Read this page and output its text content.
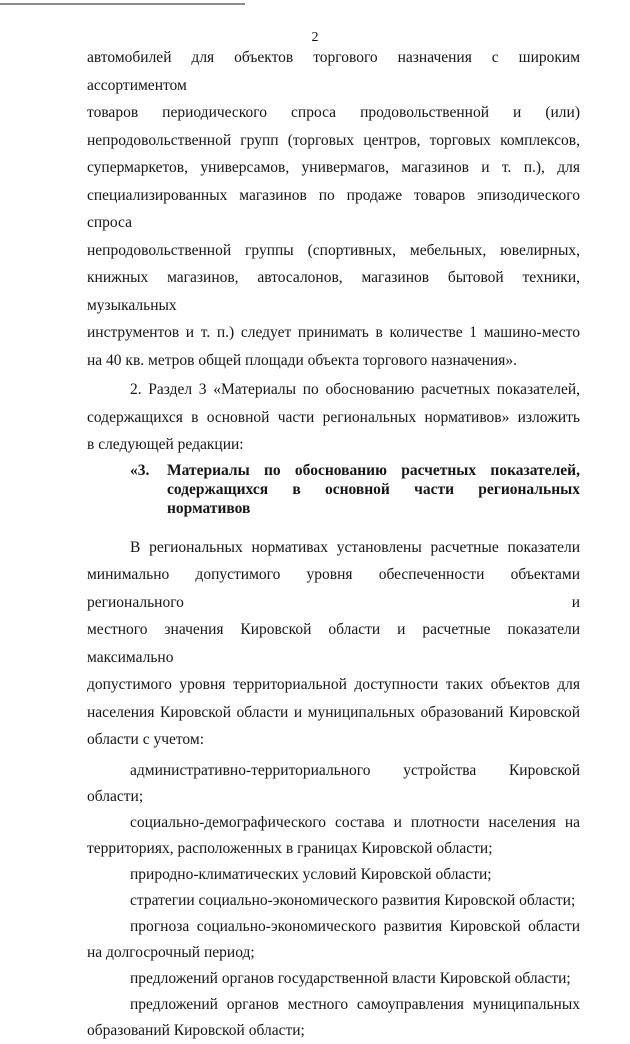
2
автомобилей для объектов торгового назначения с широким ассортиментом
товаров периодического спроса продовольственной и (или)
непродовольственной групп (торговых центров, торговых комплексов,
супермаркетов, универсамов, универмагов, магазинов и т. п.), для
специализированных магазинов по продаже товаров эпизодического спроса
непродовольственной группы (спортивных, мебельных, ювелирных,
книжных магазинов, автосалонов, магазинов бытовой техники, музыкальных
инструментов и т. п.) следует принимать в количестве 1 машино-место
на 40 кв. метров общей площади объекта торгового назначения».
2. Раздел 3 «Материалы по обоснованию расчетных показателей,
содержащихся в основной части региональных нормативов» изложить
в следующей редакции:
«3. Материалы по обоснованию расчетных показателей,
содержащихся в основной части региональных нормативов
В региональных нормативах установлены расчетные показатели
минимально допустимого уровня обеспеченности объектами регионального и
местного значения Кировской области и расчетные показатели максимально
допустимого уровня территориальной доступности таких объектов для
населения Кировской области и муниципальных образований Кировской
области с учетом:
административно-территориального устройства Кировской области;
социально-демографического состава и плотности населения на
территориях, расположенных в границах Кировской области;
природно-климатических условий Кировской области;
стратегии социально-экономического развития Кировской области;
прогноза социально-экономического развития Кировской области
на долгосрочный период;
предложений органов государственной власти Кировской области;
предложений органов местного самоуправления муниципальных
образований Кировской области;
